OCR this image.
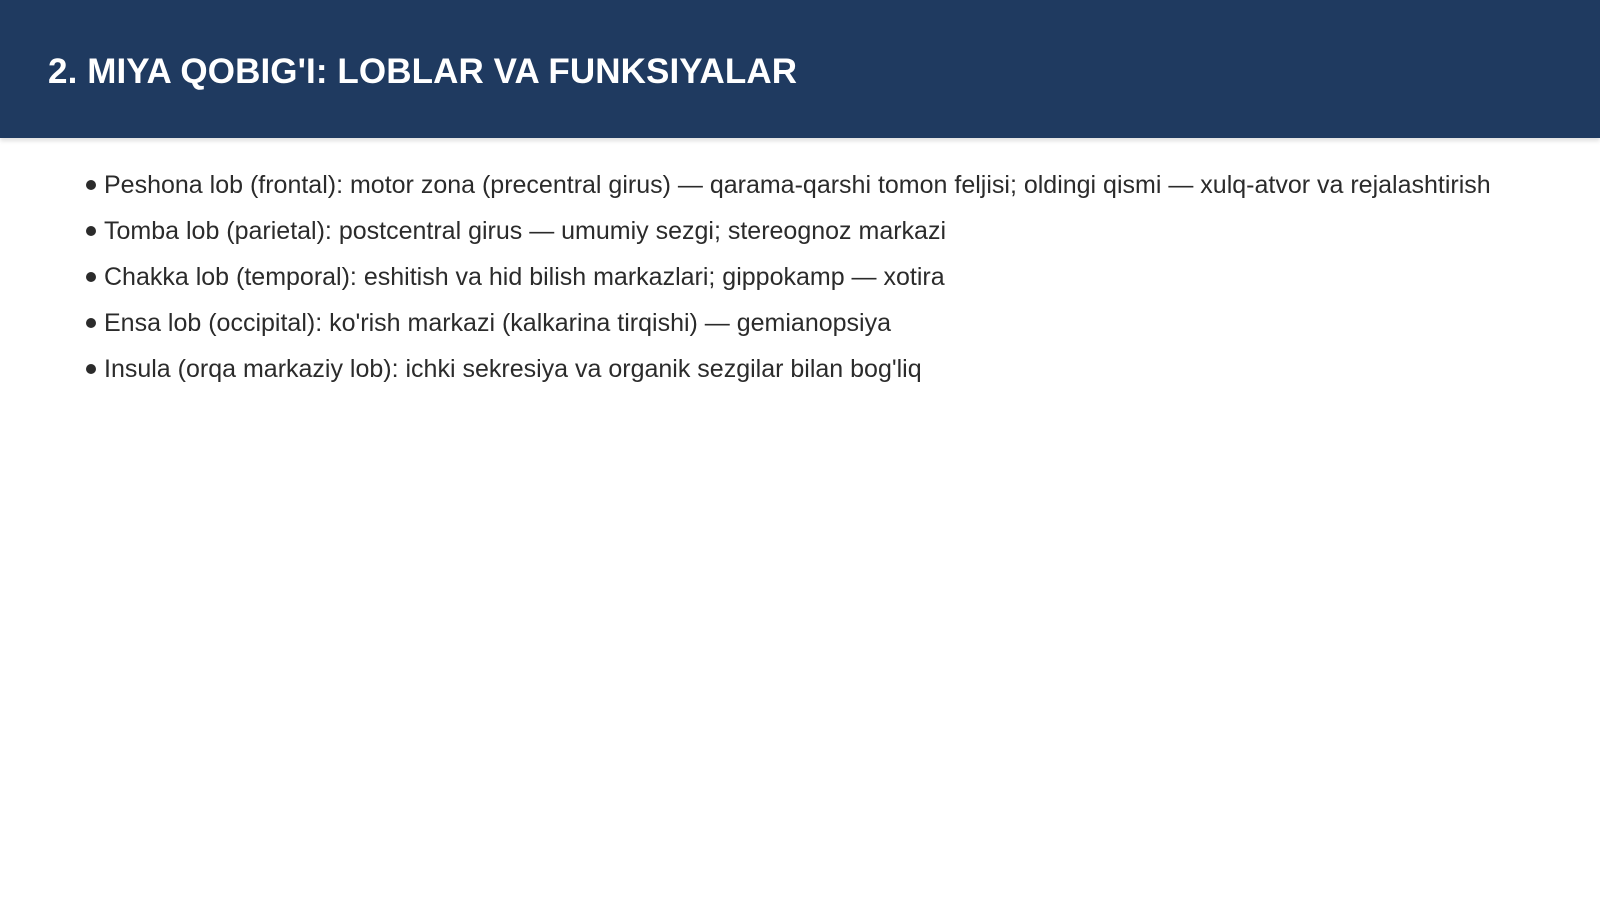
2. MIYA QOBIG'I: LOBLAR VA FUNKSIYALAR
Peshona lob (frontal): motor zona (precentral girus) — qarama-qarshi tomon feljisi; oldingi qismi — xulq-atvor va rejalashtirish
Tomba lob (parietal): postcentral girus — umumiy sezgi; stereognoz markazi
Chakka lob (temporal): eshitish va hid bilish markazlari; gippokamp — xotira
Ensa lob (occipital): ko'rish markazi (kalkarina tirqishi) — gemianopsiya
Insula (orqa markaziy lob): ichki sekresiya va organik sezgilar bilan bog'liq
